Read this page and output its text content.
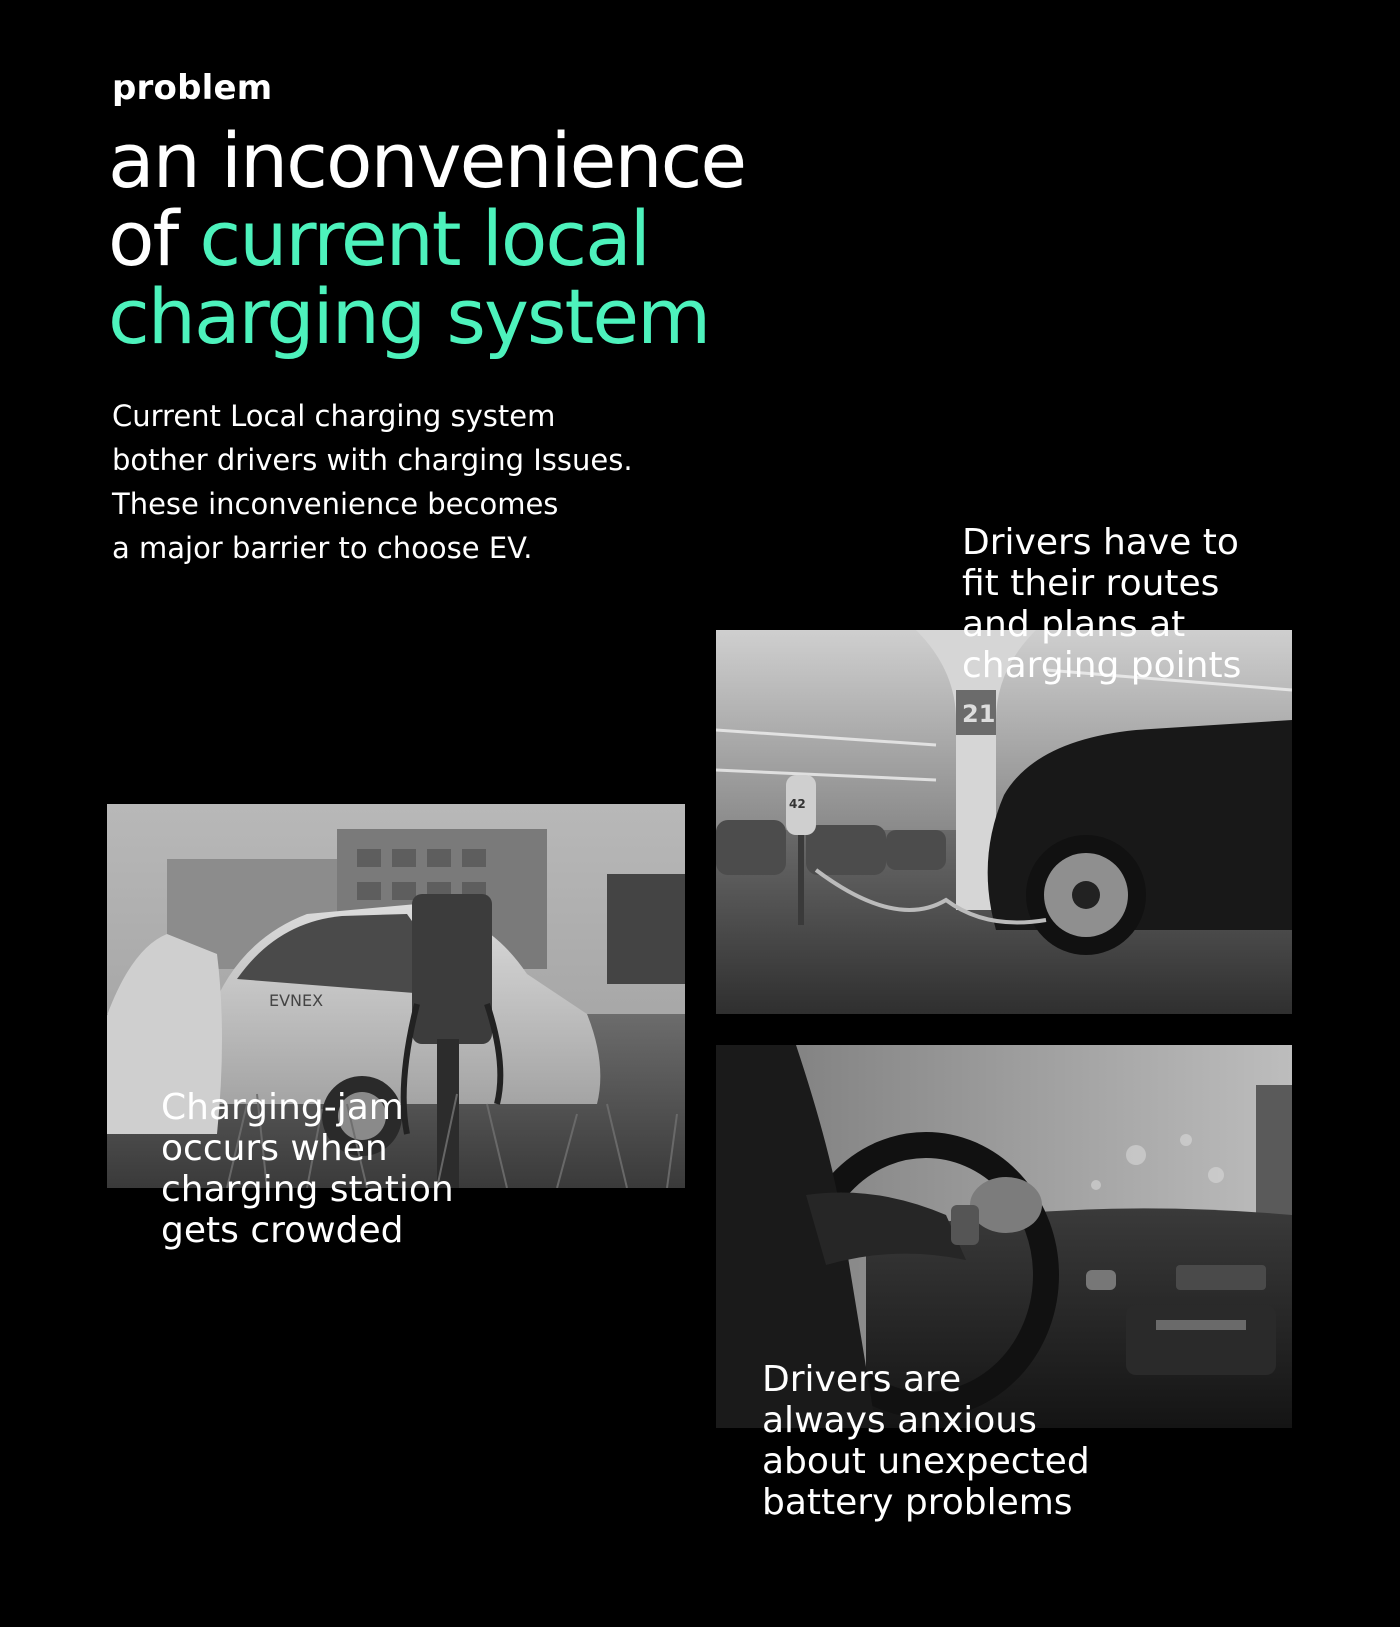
problem

an inconvenience
of current local
charging system

Current Local charging system
bother drivers with charging Issues.
These inconvenience becomes
a major barrier to choose EV.

EVNEX
21
42

Drivers have to
fit their routes
and plans at
charging points

Charging-jam
occurs when
charging station
gets crowded

Drivers are
always anxious
about unexpected
battery problems
